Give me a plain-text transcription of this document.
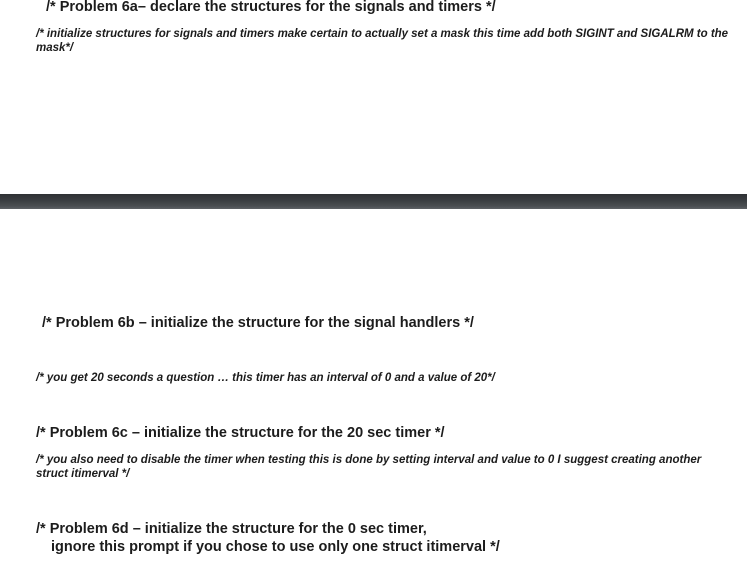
/* Problem 6a– declare the structures for the signals and timers */
/* initialize structures for signals and timers make certain to actually set a mask this time add both SIGINT and SIGALRM to the mask*/
/* Problem 6b – initialize the structure for the signal handlers */
/* you get 20 seconds a question … this timer has an interval of 0 and a value of 20*/
/* Problem 6c – initialize the structure for the 20 sec timer */
/* you also need to disable the timer when testing this is done by setting interval and value to 0 I suggest creating another struct itimerval */
/* Problem 6d – initialize the structure for the 0 sec timer,
ignore this prompt if you chose to use only one struct itimerval */
